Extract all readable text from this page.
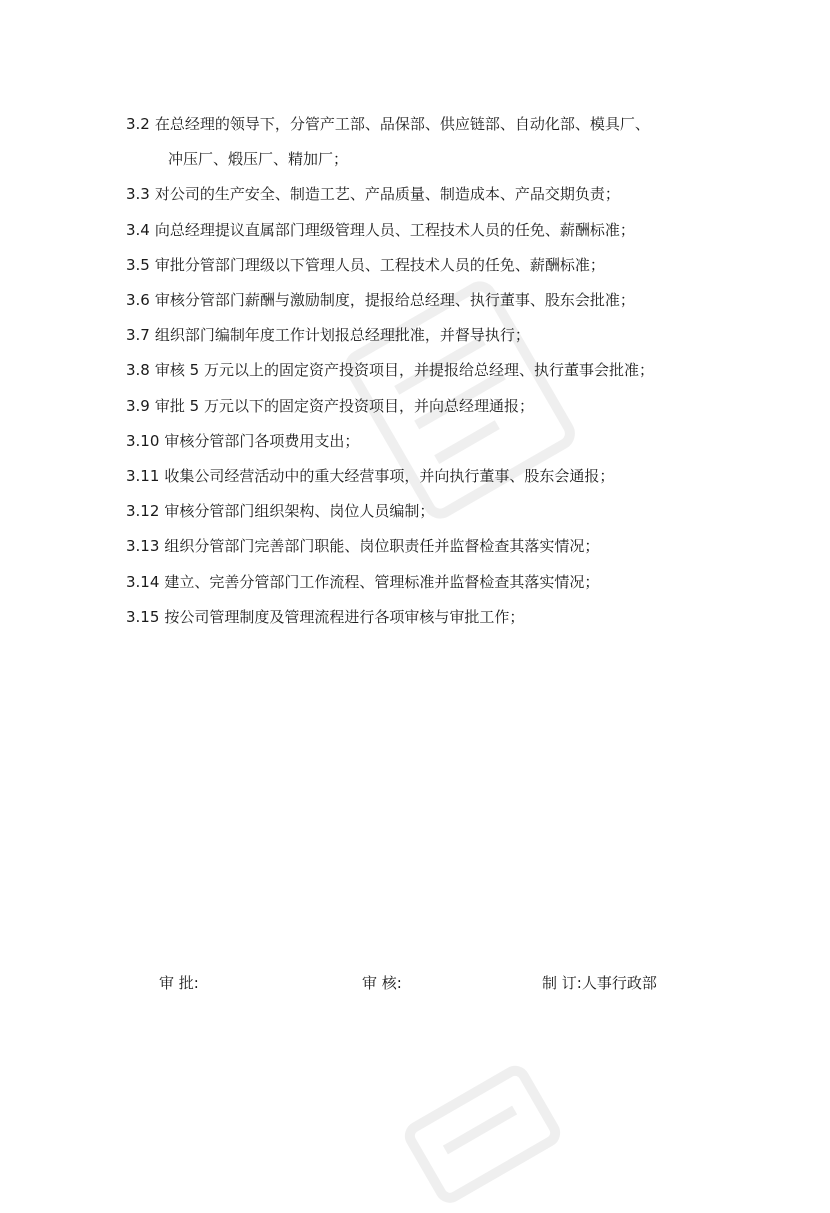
3.2 在总经理的领导下，分管产工部、品保部、供应链部、自动化部、模具厂、
冲压厂、煅压厂、精加厂；
3.3 对公司的生产安全、制造工艺、产品质量、制造成本、产品交期负责；
3.4 向总经理提议直属部门理级管理人员、工程技术人员的任免、薪酬标准；
3.5 审批分管部门理级以下管理人员、工程技术人员的任免、薪酬标准；
3.6 审核分管部门薪酬与激励制度，提报给总经理、执行董事、股东会批准；
3.7 组织部门编制年度工作计划报总经理批准，并督导执行；
3.8 审核 5 万元以上的固定资产投资项目，并提报给总经理、执行董事会批准；
3.9 审批 5 万元以下的固定资产投资项目，并向总经理通报；
3.10 审核分管部门各项费用支出；
3.11 收集公司经营活动中的重大经营事项，并向执行董事、股东会通报；
3.12 审核分管部门组织架构、岗位人员编制；
3.13 组织分管部门完善部门职能、岗位职责任并监督检查其落实情况；
3.14 建立、完善分管部门工作流程、管理标准并监督检查其落实情况；
3.15 按公司管理制度及管理流程进行各项审核与审批工作；
审 批:	审 核:	制 订:人事行政部
